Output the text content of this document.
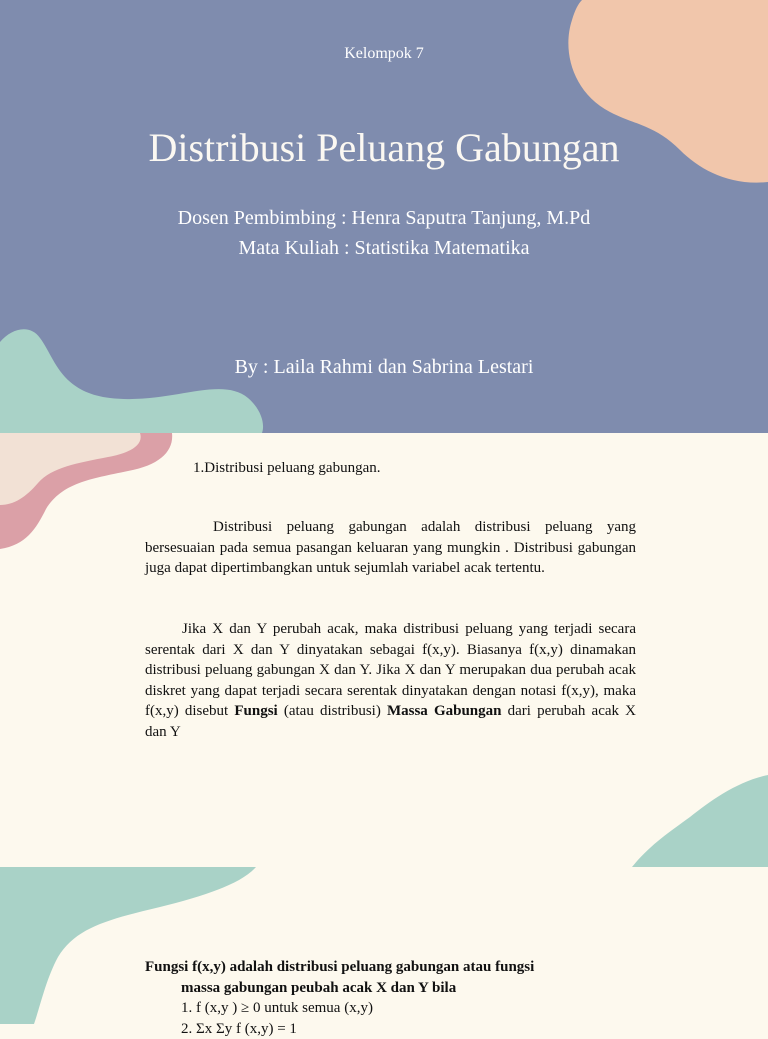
Kelompok 7
Distribusi Peluang Gabungan
Dosen Pembimbing : Henra Saputra Tanjung, M.Pd
Mata Kuliah : Statistika Matematika
By : Laila Rahmi dan Sabrina Lestari
1.Distribusi peluang gabungan.
Distribusi peluang gabungan adalah distribusi peluang yang bersesuaian pada semua pasangan keluaran yang mungkin . Distribusi gabungan juga dapat dipertimbangkan untuk sejumlah variabel acak tertentu.
Jika X dan Y perubah acak, maka distribusi peluang yang terjadi secara serentak dari X dan Y dinyatakan sebagai f(x,y). Biasanya f(x,y) dinamakan distribusi peluang gabungan X dan Y. Jika X dan Y merupakan dua perubah acak diskret yang dapat terjadi secara serentak dinyatakan dengan notasi f(x,y), maka f(x,y) disebut Fungsi (atau distribusi) Massa Gabungan dari perubah acak X dan Y
Fungsi f(x,y) adalah distribusi peluang gabungan atau fungsi
massa gabungan peubah acak X dan Y bila
1. f (x,y ) ≥ 0 untuk semua (x,y)
2. Σx Σy f (x,y) = 1
